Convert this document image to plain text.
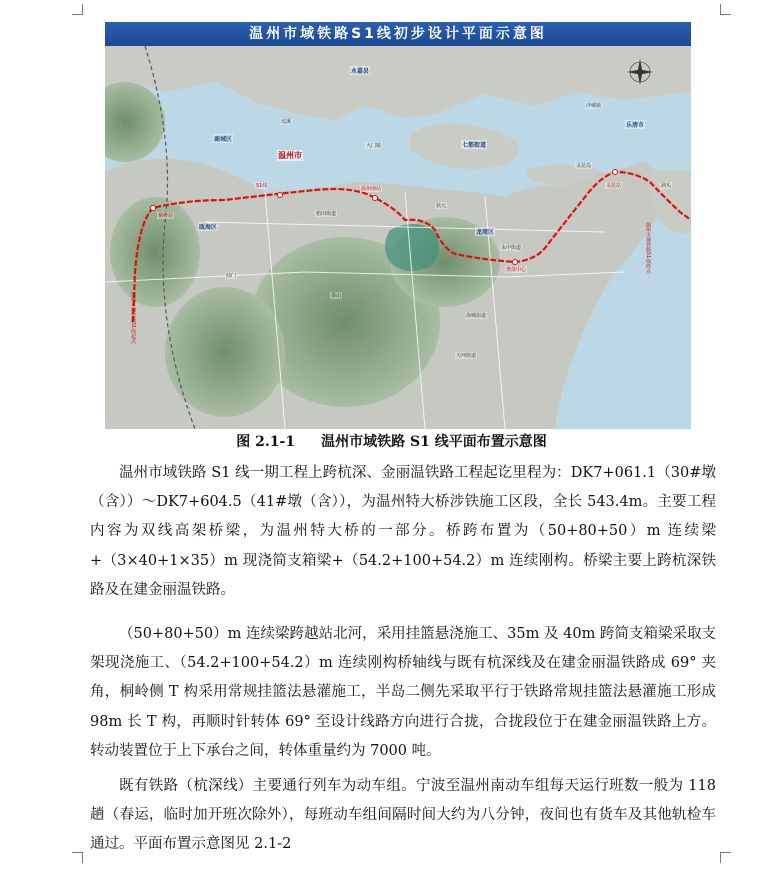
温州市域铁路S1线初步设计平面示意图
温州市
鹿城区
瓯海区
龙湾区
七都街道
乐清市
永嘉县
梧田街道
大门镇
茶山
仙门
天河街道
沙城镇
海城街道
瑶溪
状元
永中街道
灵昆岛
洞头
S1线	温州南站
奥体中心
桐岭站
灵昆站
温州市域铁路S1线起点
温州市域铁路S1线终点
图 2.1-1 温州市域铁路 S1 线平面布置示意图
温州市域铁路 S1 线一期工程上跨杭深、金丽温铁路工程起讫里程为：DK7+061.1（30#墩（含））～DK7+604.5（41#墩（含）），为温州特大桥涉铁施工区段，全长 543.4m。主要工程内容为双线高架桥梁，为温州特大桥的一部分。桥跨布置为（50+80+50）m 连续梁+（3×40+1×35）m 现浇简支箱梁+（54.2+100+54.2）m 连续刚构。桥梁主要上跨杭深铁路及在建金丽温铁路。
（50+80+50）m 连续梁跨越站北河，采用挂篮悬浇施工、35m 及 40m 跨简支箱梁采取支架现浇施工、（54.2+100+54.2）m 连续刚构桥轴线与既有杭深线及在建金丽温铁路成 69° 夹角，桐岭侧 T 构采用常规挂篮法悬灌施工，半岛二侧先采取平行于铁路常规挂篮法悬灌施工形成 98m 长 T 构，再顺时针转体 69° 至设计线路方向进行合拢，合拢段位于在建金丽温铁路上方。转动装置位于上下承台之间，转体重量约为 7000 吨。
既有铁路（杭深线）主要通行列车为动车组。宁波至温州南动车组每天运行班数一般为 118 趟（春运，临时加开班次除外），每班动车组间隔时间大约为八分钟，夜间也有货车及其他轨检车通过。平面布置示意图见 2.1-2
